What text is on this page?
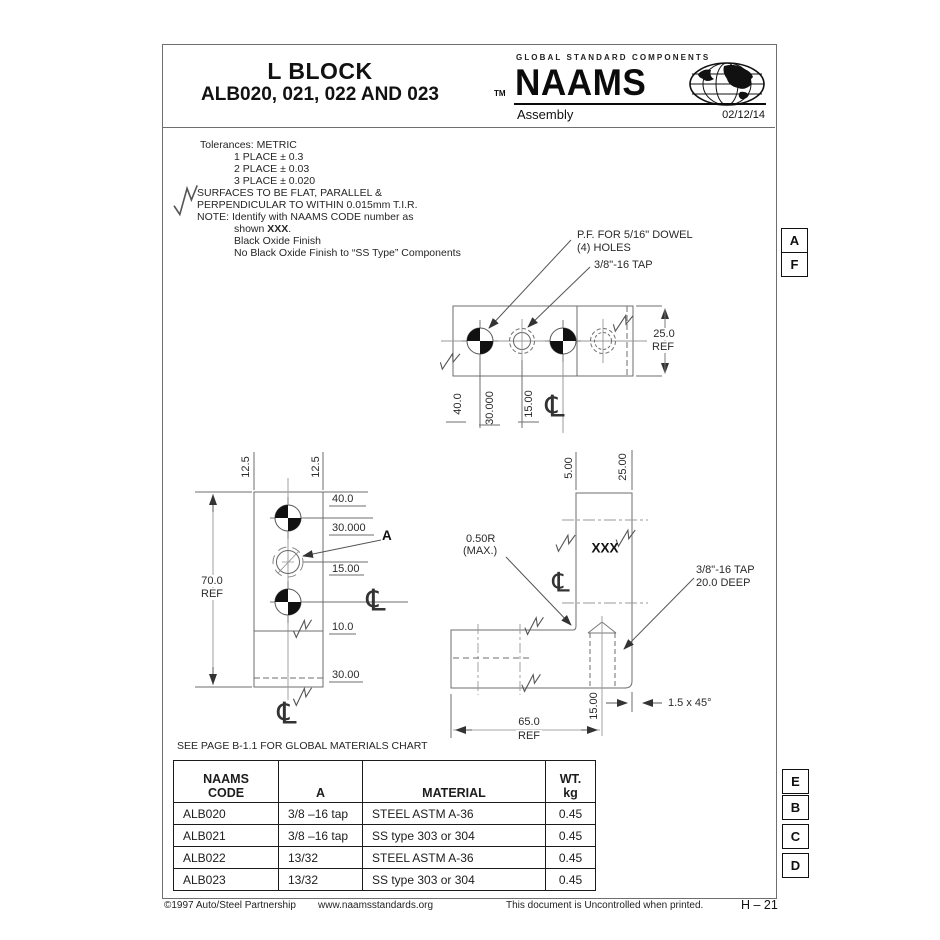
L BLOCK
ALB020, 021, 022 AND 023
GLOBAL STANDARD COMPONENTS
TM NAAMS
Assembly	02/12/14
Tolerances: METRIC
1 PLACE ± 0.3
2 PLACE ± 0.03
3 PLACE ± 0.020
SURFACES TO BE FLAT, PARALLEL &
PERPENDICULAR TO WITHIN 0.015mm T.I.R.
NOTE: Identify with NAAMS CODE number as
shown XXX.
Black Oxide Finish
No Black Oxide Finish to “SS Type” Components
P.F. FOR 5/16" DOWEL
(4) HOLES
3/8"-16 TAP
40.0 30.000 15.00 ℄
25.0
REF
12.5	12.5
40.0
30.000 A
15.00
10.0
30.00
70.0
REF	℄
℄
5.00	25.00
XXX
0.50R
(MAX.)
3/8"-16 TAP
20.0 DEEP
℄
15.00	1.5 x 45°
65.0
REF
SEE PAGE B-1.1 FOR GLOBAL MATERIALS CHART
NAAMS
CODE	A	MATERIAL	
WT.
kg

ALB020	3/8 –16 tap	STEEL ASTM A-36	0.45
ALB021	3/8 –16 tap	SS type 303 or 304	0.45
ALB022	13/32	STEEL ASTM A-36	0.45
ALB023	13/32	SS type 303 or 304	0.45
A
F
E
B
C
D
©1997 Auto/Steel Partnership www.naamsstandards.org	This document is Uncontrolled when printed.	H – 21
